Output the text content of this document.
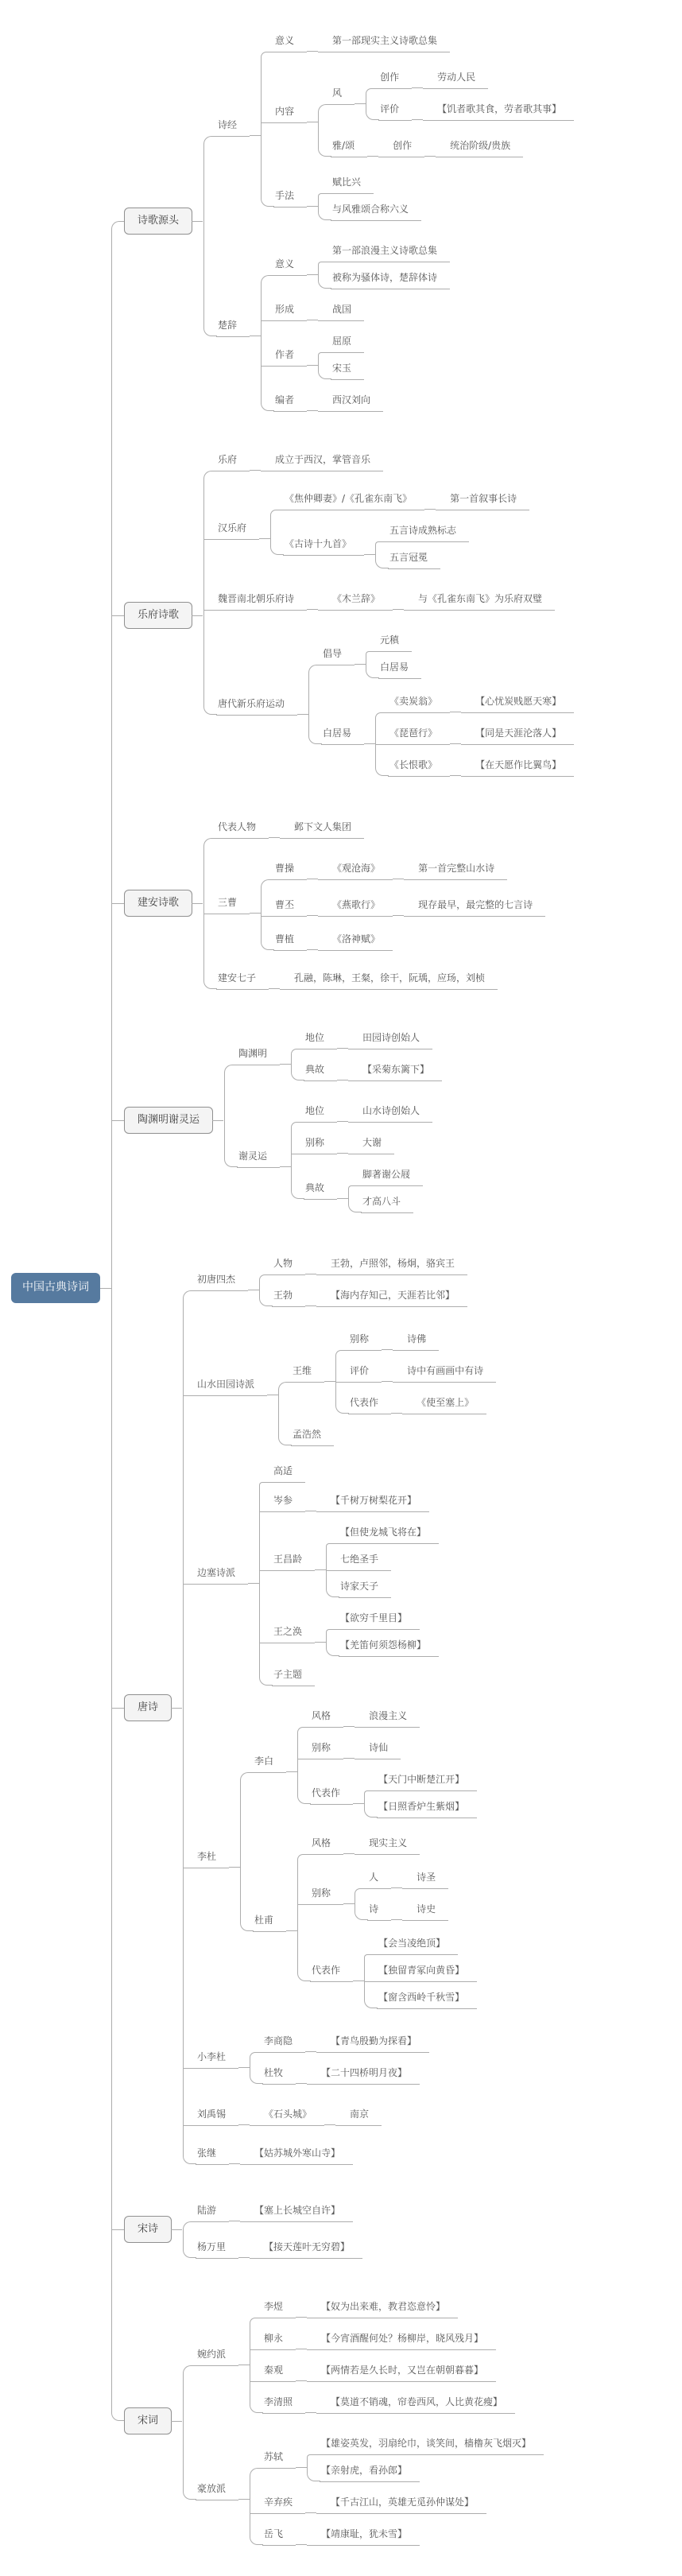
中国古典诗词
诗歌源头
诗经
意义	第一部现实主义诗歌总集
内容
风
创作	劳动人民
评价	【饥者歌其食，劳者歌其事】
雅/颂	创作	统治阶级/贵族
手法
赋比兴
与风雅颂合称六义
楚辞
意义
第一部浪漫主义诗歌总集
被称为骚体诗，楚辞体诗
形成	战国
作者
屈原
宋玉
编者	西汉刘向
乐府诗歌
乐府	成立于西汉，掌管音乐
汉乐府
《焦仲卿妻》/《孔雀东南飞》	第一首叙事长诗
《古诗十九首》
五言诗成熟标志
五言冠冕
魏晋南北朝乐府诗	《木兰辞》	与《孔雀东南飞》为乐府双璧
唐代新乐府运动
倡导
元稹
白居易
白居易
《卖炭翁》	【心忧炭贱愿天寒】
《琵琶行》	【同是天涯沦落人】
《长恨歌》	【在天愿作比翼鸟】
建安诗歌
代表人物	邺下文人集团
三曹
曹操	《观沧海》	第一首完整山水诗
曹丕	《燕歌行》	现存最早，最完整的七言诗
曹植	《洛神赋》
建安七子	孔融，陈琳，王粲，徐干，阮瑀，应玚，刘桢
陶渊明谢灵运
陶渊明
地位	田园诗创始人
典故	【采菊东篱下】
谢灵运
地位	山水诗创始人
别称	大谢
典故
脚著谢公屐
才高八斗
唐诗
初唐四杰
人物	王勃，卢照邻，杨炯，骆宾王
王勃	【海内存知己，天涯若比邻】
山水田园诗派
王维
别称	诗佛
评价	诗中有画画中有诗
代表作	《使至塞上》
孟浩然
边塞诗派
高适
岑参	【千树万树梨花开】
王昌龄
【但使龙城飞将在】
七绝圣手
诗家天子
王之涣
【欲穷千里目】
【羌笛何须怨杨柳】
子主题
李杜
李白
风格	浪漫主义
别称	诗仙
代表作
【天门中断楚江开】
【日照香炉生紫烟】
杜甫
风格	现实主义
别称
人	诗圣
诗	诗史
代表作
【会当凌绝顶】
【独留青冢向黄昏】
【窗含西岭千秋雪】
小李杜
李商隐	【青鸟殷勤为探看】
杜牧	【二十四桥明月夜】
刘禹锡	《石头城》	南京
张继	【姑苏城外寒山寺】
宋诗
陆游	【塞上长城空自许】
杨万里	【接天莲叶无穷碧】
宋词
婉约派
李煜	【奴为出来难，教君恣意怜】
柳永	【今宵酒醒何处？杨柳岸，晓风残月】
秦观	【两情若是久长时，又岂在朝朝暮暮】
李清照	【莫道不销魂，帘卷西风，人比黄花瘦】
豪放派
苏轼
【雄姿英发，羽扇纶巾，谈笑间，樯橹灰飞烟灭】
【亲射虎，看孙郎】
辛弃疾	【千古江山，英雄无觅孙仲谋处】
岳飞	【靖康耻，犹未雪】
